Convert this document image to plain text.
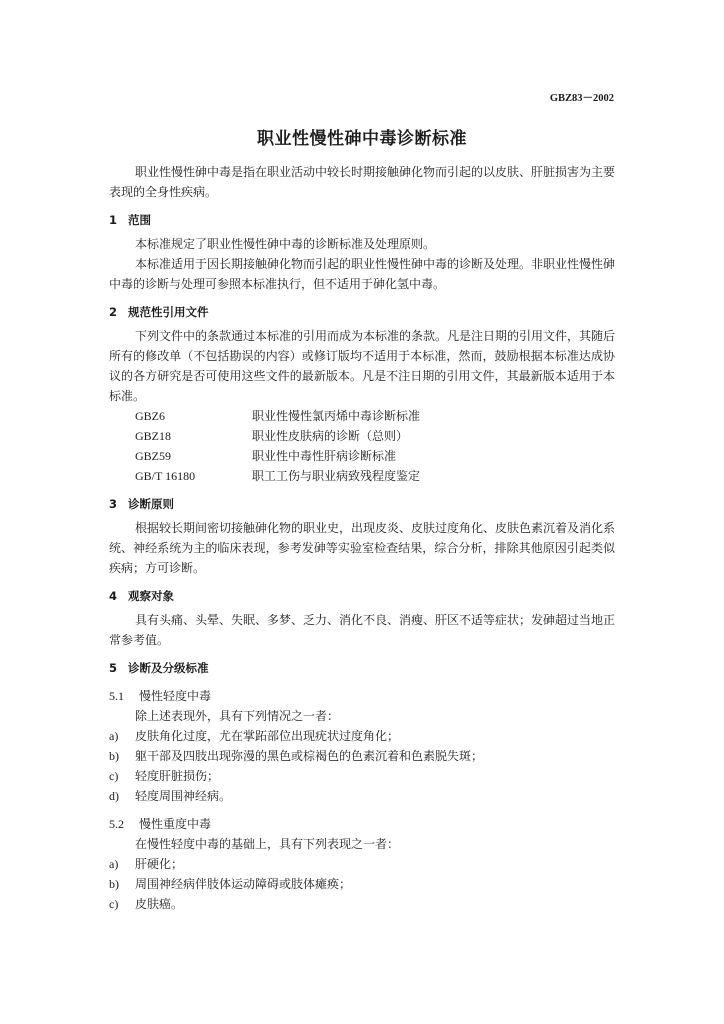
GBZ83－2002
职业性慢性砷中毒诊断标准

职业性慢性砷中毒是指在职业活动中较长时期接触砷化物而引起的以皮肤、肝脏损害为主要表现的全身性疾病。

1 范围

本标准规定了职业性慢性砷中毒的诊断标准及处理原则。

本标准适用于因长期接触砷化物而引起的职业性慢性砷中毒的诊断及处理。非职业性慢性砷中毒的诊断与处理可参照本标准执行，但不适用于砷化氢中毒。

2 规范性引用文件

下列文件中的条款通过本标准的引用而成为本标准的条款。凡是注日期的引用文件，其随后所有的修改单（不包括勘误的内容）或修订版均不适用于本标准，然而，鼓励根据本标准达成协议的各方研究是否可使用这些文件的最新版本。凡是不注日期的引用文件，其最新版本适用于本标准。

GBZ6	职业性慢性氯丙烯中毒诊断标准
GBZ18	职业性皮肤病的诊断（总则）
GBZ59	职业性中毒性肝病诊断标准
GB/T 16180	职工工伤与职业病致残程度鉴定
3 诊断原则

根据较长期间密切接触砷化物的职业史，出现皮炎、皮肤过度角化、皮肤色素沉着及消化系统、神经系统为主的临床表现，参考发砷等实验室检查结果，综合分析，排除其他原因引起类似疾病；方可诊断。

4 观察对象

具有头痛、头晕、失眠、多梦、乏力、消化不良、消瘦、肝区不适等症状；发砷超过当地正常参考值。

5 诊断及分级标准
5.1 慢性轻度中毒

除上述表现外，具有下列情况之一者：

a)	皮肤角化过度，尤在掌跖部位出现疣状过度角化；
b)	躯干部及四肢出现弥漫的黑色或棕褐色的色素沉着和色素脱失斑；
c)	轻度肝脏损伤；
d)	轻度周围神经病。
5.2 慢性重度中毒

在慢性轻度中毒的基础上，具有下列表现之一者：

a)	肝硬化；
b)	周围神经病伴肢体运动障碍或肢体瘫痪；
c)	皮肤癌。
